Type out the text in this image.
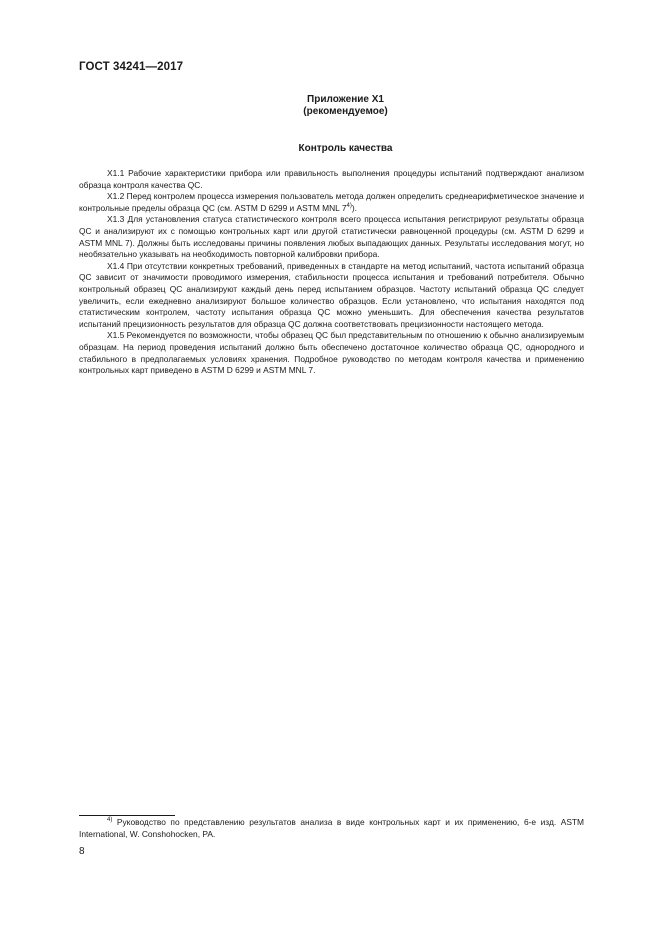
ГОСТ 34241—2017
Приложение X1
(рекомендуемое)
Контроль качества

X1.1 Рабочие характеристики прибора или правильность выполнения процедуры испытаний подтверждают анализом образца контроля качества QC.

X1.2 Перед контролем процесса измерения пользователь метода должен определить среднеарифметическое значение и контрольные пределы образца QC (см. ASTM D 6299 и ASTM MNL 7$^{4)}$).

X1.3 Для установления статуса статистического контроля всего процесса испытания регистрируют результаты образца QC и анализируют их с помощью контрольных карт или другой статистически равноценной процедуры (см. ASTM D 6299 и ASTM MNL 7). Должны быть исследованы причины появления любых выпадающих данных. Результаты исследования могут, но необязательно указывать на необходимость повторной калибровки прибора.

X1.4 При отсутствии конкретных требований, приведенных в стандарте на метод испытаний, частота испытаний образца QC зависит от значимости проводимого измерения, стабильности процесса испытания и требований потребителя. Обычно контрольный образец QC анализируют каждый день перед испытанием образцов. Частоту испытаний образца QC следует увеличить, если ежедневно анализируют большое количество образцов. Если установлено, что испытания находятся под статистическим контролем, частоту испытания образца QC можно уменьшить. Для обеспечения качества результатов испытаний прецизионность результатов для образца QC должна соответствовать прецизионности настоящего метода.

X1.5 Рекомендуется по возможности, чтобы образец QC был представительным по отношению к обычно анализируемым образцам. На период проведения испытаний должно быть обеспечено достаточное количество образца QC, однородного и стабильного в предполагаемых условиях хранения. Подробное руководство по методам контроля качества и применению контрольных карт приведено в ASTM D 6299 и ASTM MNL 7.

$^{4)}$ Руководство по представлению результатов анализа в виде контрольных карт и их применению, 6-е изд. ASTM International, W. Conshohocken, PA.

8
